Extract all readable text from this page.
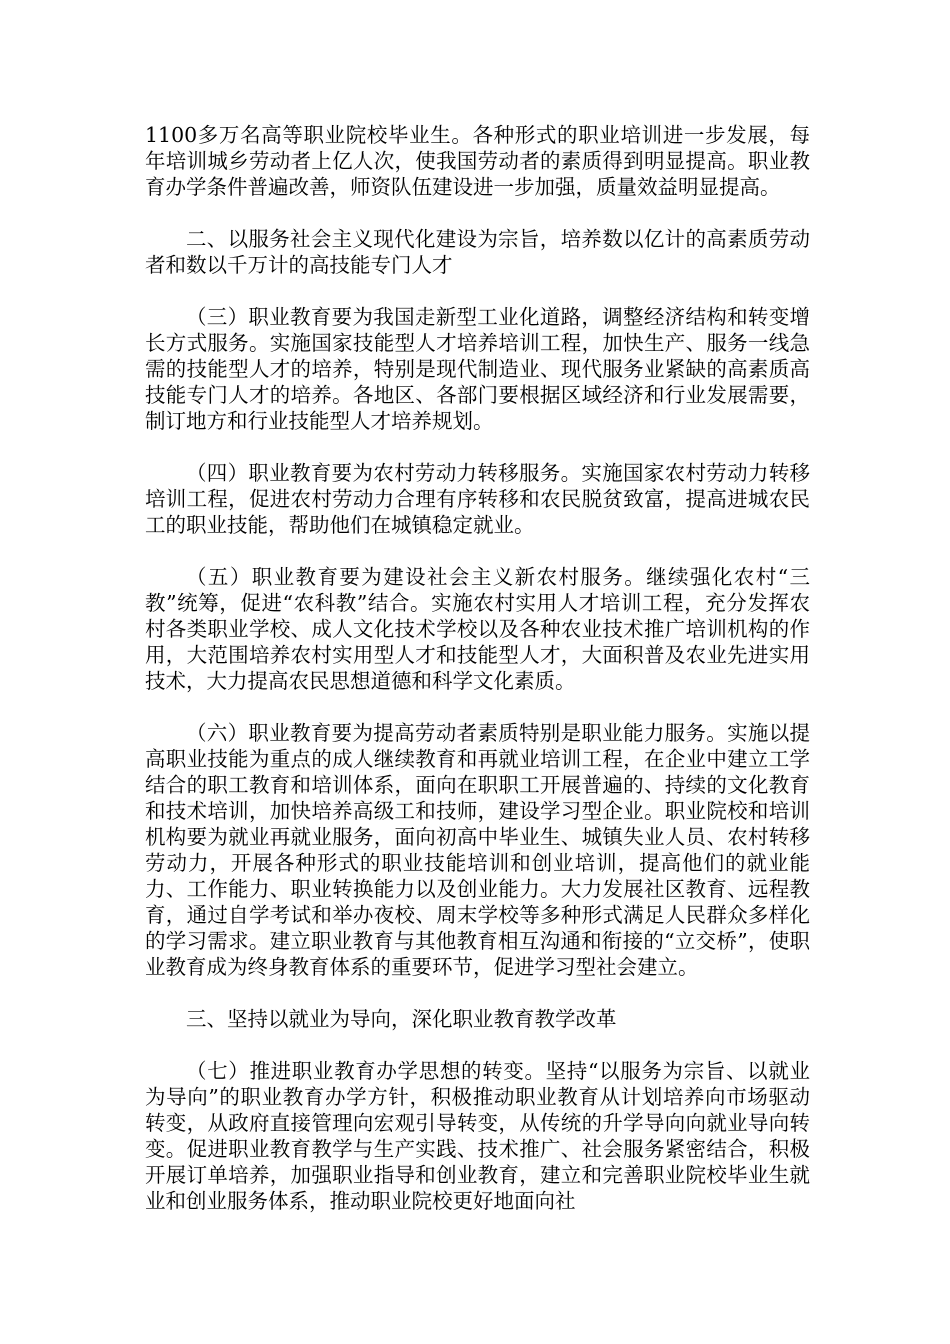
1100多万名高等职业院校毕业生。各种形式的职业培训进一步发展，每年培训城乡劳动者上亿人次，使我国劳动者的素质得到明显提高。职业教育办学条件普遍改善，师资队伍建设进一步加强，质量效益明显提高。

二、以服务社会主义现代化建设为宗旨，培养数以亿计的高素质劳动者和数以千万计的高技能专门人才

（三）职业教育要为我国走新型工业化道路，调整经济结构和转变增长方式服务。实施国家技能型人才培养培训工程，加快生产、服务一线急需的技能型人才的培养，特别是现代制造业、现代服务业紧缺的高素质高技能专门人才的培养。各地区、各部门要根据区域经济和行业发展需要，制订地方和行业技能型人才培养规划。

（四）职业教育要为农村劳动力转移服务。实施国家农村劳动力转移培训工程，促进农村劳动力合理有序转移和农民脱贫致富，提高进城农民工的职业技能，帮助他们在城镇稳定就业。

（五）职业教育要为建设社会主义新农村服务。继续强化农村“三教”统筹，促进“农科教”结合。实施农村实用人才培训工程，充分发挥农村各类职业学校、成人文化技术学校以及各种农业技术推广培训机构的作用，大范围培养农村实用型人才和技能型人才，大面积普及农业先进实用技术，大力提高农民思想道德和科学文化素质。

（六）职业教育要为提高劳动者素质特别是职业能力服务。实施以提高职业技能为重点的成人继续教育和再就业培训工程，在企业中建立工学结合的职工教育和培训体系，面向在职职工开展普遍的、持续的文化教育和技术培训，加快培养高级工和技师，建设学习型企业。职业院校和培训机构要为就业再就业服务，面向初高中毕业生、城镇失业人员、农村转移劳动力，开展各种形式的职业技能培训和创业培训，提高他们的就业能力、工作能力、职业转换能力以及创业能力。大力发展社区教育、远程教育，通过自学考试和举办夜校、周末学校等多种形式满足人民群众多样化的学习需求。建立职业教育与其他教育相互沟通和衔接的“立交桥”，使职业教育成为终身教育体系的重要环节，促进学习型社会建立。

三、坚持以就业为导向，深化职业教育教学改革

（七）推进职业教育办学思想的转变。坚持“以服务为宗旨、以就业为导向”的职业教育办学方针，积极推动职业教育从计划培养向市场驱动转变，从政府直接管理向宏观引导转变，从传统的升学导向向就业导向转变。促进职业教育教学与生产实践、技术推广、社会服务紧密结合，积极开展订单培养，加强职业指导和创业教育，建立和完善职业院校毕业生就业和创业服务体系，推动职业院校更好地面向社
